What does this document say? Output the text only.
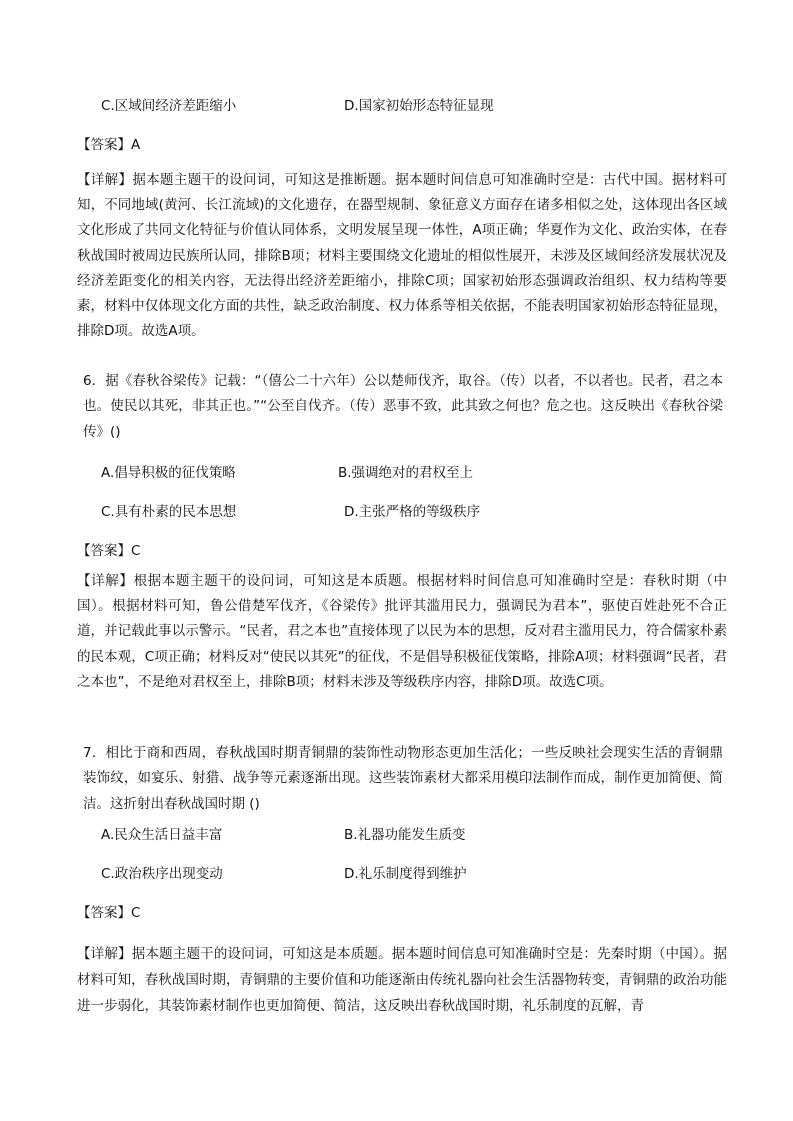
C.区域间经济差距缩小	D.国家初始形态特征显现
【答案】A
【详解】据本题主题干的设问词，可知这是推断题。据本题时间信息可知准确时空是：古代中国。据材料可知，不同地域(黄河、长江流域)的文化遗存，在器型规制、象征意义方面存在诸多相似之处，这体现出各区域文化形成了共同文化特征与价值认同体系，文明发展呈现一体性，A项正确；华夏作为文化、政治实体，在春秋战国时被周边民族所认同，排除B项；材料主要围绕文化遗址的相似性展开，未涉及区域间经济发展状况及经济差距变化的相关内容，无法得出经济差距缩小，排除C项；国家初始形态强调政治组织、权力结构等要素，材料中仅体现文化方面的共性，缺乏政治制度、权力体系等相关依据，不能表明国家初始形态特征显现，排除D项。故选A项。
6．据《春秋谷梁传》记载：“（僖公二十六年）公以楚师伐齐，取谷。（传）以者，不以者也。民者，君之本也。使民以其死，非其正也。”“公至自伐齐。（传）恶事不致，此其致之何也？危之也。这反映出《春秋谷梁传》()
A.倡导积极的征伐策略	B.强调绝对的君权至上
C.具有朴素的民本思想	D.主张严格的等级秩序
【答案】C
【详解】根据本题主题干的设问词，可知这是本质题。根据材料时间信息可知准确时空是：春秋时期（中国）。根据材料可知，鲁公借楚军伐齐，《谷梁传》批评其滥用民力，强调民为君本”，驱使百姓赴死不合正道，并记载此事以示警示。“民者，君之本也”直接体现了以民为本的思想，反对君主滥用民力，符合儒家朴素的民本观，C项正确；材料反对“使民以其死”的征伐，不是倡导积极征伐策略，排除A项；材料强调“民者，君之本也”，不是绝对君权至上，排除B项；材料未涉及等级秩序内容，排除D项。故选C项。
7．相比于商和西周，春秋战国时期青铜鼎的装饰性动物形态更加生活化；一些反映社会现实生活的青铜鼎装饰纹，如宴乐、射猎、战争等元素逐渐出现。这些装饰素材大都采用模印法制作而成，制作更加简便、简洁。这折射出春秋战国时期 ()
A.民众生活日益丰富	B.礼器功能发生质变
C.政治秩序出现变动	D.礼乐制度得到维护
【答案】C
【详解】据本题主题干的设问词，可知这是本质题。据本题时间信息可知准确时空是：先秦时期（中国）。据材料可知，春秋战国时期，青铜鼎的主要价值和功能逐渐由传统礼器向社会生活器物转变，青铜鼎的政治功能进一步弱化，其装饰素材制作也更加简便、简洁，这反映出春秋战国时期，礼乐制度的瓦解，青
